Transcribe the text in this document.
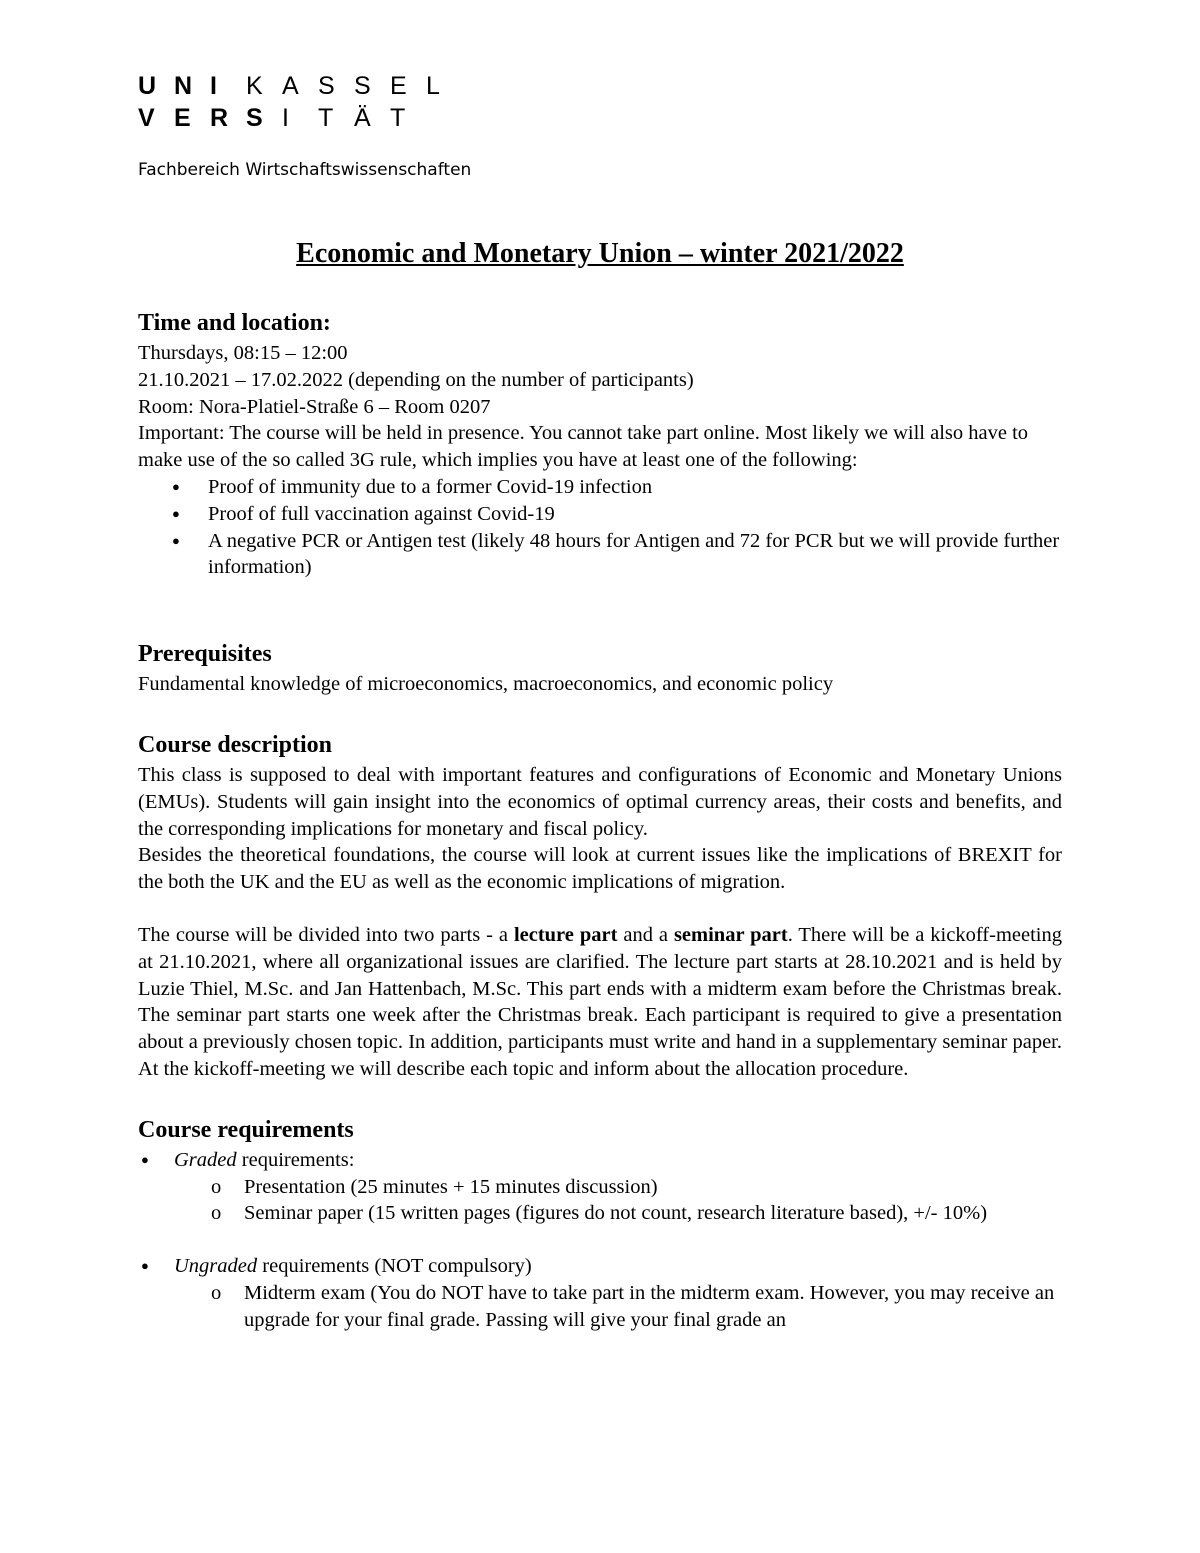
U N I	K A S S E L
V E R S I	T Ä T
Fachbereich Wirtschaftswissenschaften
Economic and Monetary Union – winter 2021/2022
Time and location:

Thursdays, 08:15 – 12:00

21.10.2021 – 17.02.2022 (depending on the number of participants)

Room: Nora-Platiel-Straße 6 – Room 0207

Important: The course will be held in presence. You cannot take part online. Most likely we will also have to make use of the so called 3G rule, which implies you have at least one of the following:

● Proof of immunity due to a former Covid-19 infection
● Proof of full vaccination against Covid-19
● A negative PCR or Antigen test (likely 48 hours for Antigen and 72 for PCR but we will provide further information)
Prerequisites

Fundamental knowledge of microeconomics, macroeconomics, and economic policy

Course description

This class is supposed to deal with important features and configurations of Economic and Monetary Unions (EMUs). Students will gain insight into the economics of optimal currency areas, their costs and benefits, and the corresponding implications for monetary and fiscal policy.

Besides the theoretical foundations, the course will look at current issues like the implications of BREXIT for the both the UK and the EU as well as the economic implications of migration.

The course will be divided into two parts - a lecture part and a seminar part. There will be a kickoff-meeting at 21.10.2021, where all organizational issues are clarified. The lecture part starts at 28.10.2021 and is held by Luzie Thiel, M.Sc. and Jan Hattenbach, M.Sc. This part ends with a midterm exam before the Christmas break. The seminar part starts one week after the Christmas break. Each participant is required to give a presentation about a previously chosen topic. In addition, participants must write and hand in a supplementary seminar paper. At the kickoff-meeting we will describe each topic and inform about the allocation procedure.

Course requirements
● Graded requirements:
o Presentation (25 minutes + 15 minutes discussion)
o Seminar paper (15 written pages (figures do not count, research literature based), +/- 10%)
● Ungraded requirements (NOT compulsory)
o Midterm exam (You do NOT have to take part in the midterm exam. However, you may receive an upgrade for your final grade. Passing will give your final grade an
